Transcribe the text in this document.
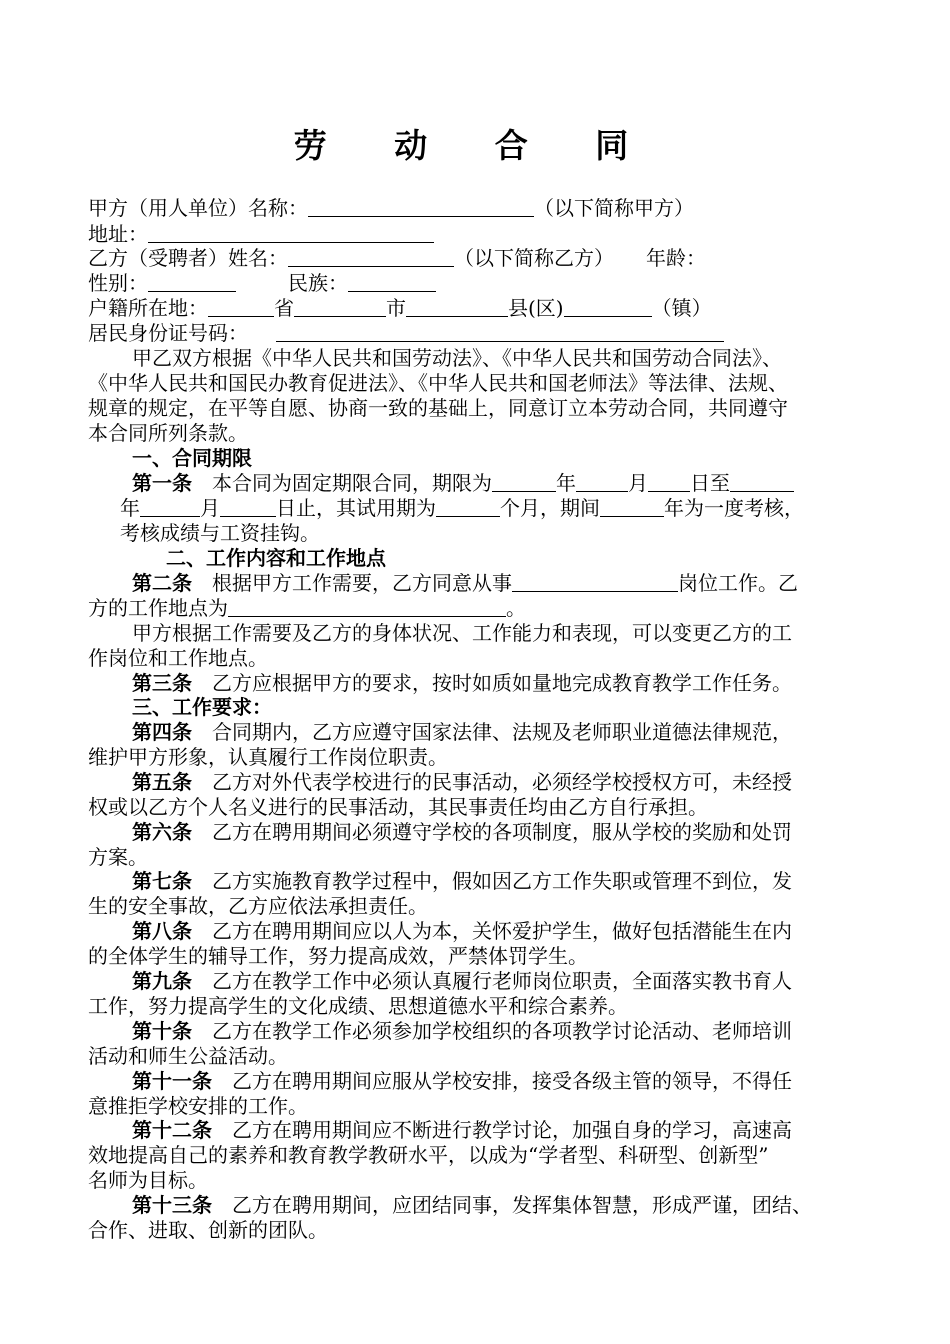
劳 动 合 同
甲方（用人单位）名称：	（以下简称甲方）
地址：
乙方（受聘者）姓名：	（以下简称乙方） 年龄：
性别：	民族：
户籍所在地：	省	市	县(区)	（镇）
居民身份证号码：
甲乙双方根据《中华人民共和国劳动法》、《中华人民共和国劳动合同法》、
《中华人民共和国民办教育促进法》、《中华人民共和国老师法》等法律、法规、
规章的规定，在平等自愿、协商一致的基础上，同意订立本劳动合同，共同遵守
本合同所列条款。
一、合同期限
第一条 本合同为固定期限合同，期限为	年	月 日至
年	月	日止，其试用期为	个月，期间	年为一度考核，
考核成绩与工资挂钩。
二、工作内容和工作地点
第二条 根据甲方工作需要，乙方同意从事	岗位工作。乙
方的工作地点为	。
甲方根据工作需要及乙方的身体状况、工作能力和表现，可以变更乙方的工
作岗位和工作地点。
第三条 乙方应根据甲方的要求，按时如质如量地完成教育教学工作任务。
三、工作要求：
第四条 合同期内，乙方应遵守国家法律、法规及老师职业道德法律规范，
维护甲方形象，认真履行工作岗位职责。
第五条 乙方对外代表学校进行的民事活动，必须经学校授权方可，未经授
权或以乙方个人名义进行的民事活动，其民事责任均由乙方自行承担。
第六条 乙方在聘用期间必须遵守学校的各项制度，服从学校的奖励和处罚
方案。
第七条 乙方实施教育教学过程中，假如因乙方工作失职或管理不到位，发
生的安全事故，乙方应依法承担责任。
第八条 乙方在聘用期间应以人为本，关怀爱护学生，做好包括潜能生在内
的全体学生的辅导工作，努力提高成效，严禁体罚学生。
第九条 乙方在教学工作中必须认真履行老师岗位职责，全面落实教书育人
工作，努力提高学生的文化成绩、思想道德水平和综合素养。
第十条 乙方在教学工作必须参加学校组织的各项教学讨论活动、老师培训
活动和师生公益活动。
第十一条 乙方在聘用期间应服从学校安排，接受各级主管的领导，不得任
意推拒学校安排的工作。
第十二条 乙方在聘用期间应不断进行教学讨论，加强自身的学习，高速高
效地提高自己的素养和教育教学教研水平，以成为“学者型、科研型、创新型”
名师为目标。
第十三条 乙方在聘用期间，应团结同事，发挥集体智慧，形成严谨，团结、
合作、进取、创新的团队。
